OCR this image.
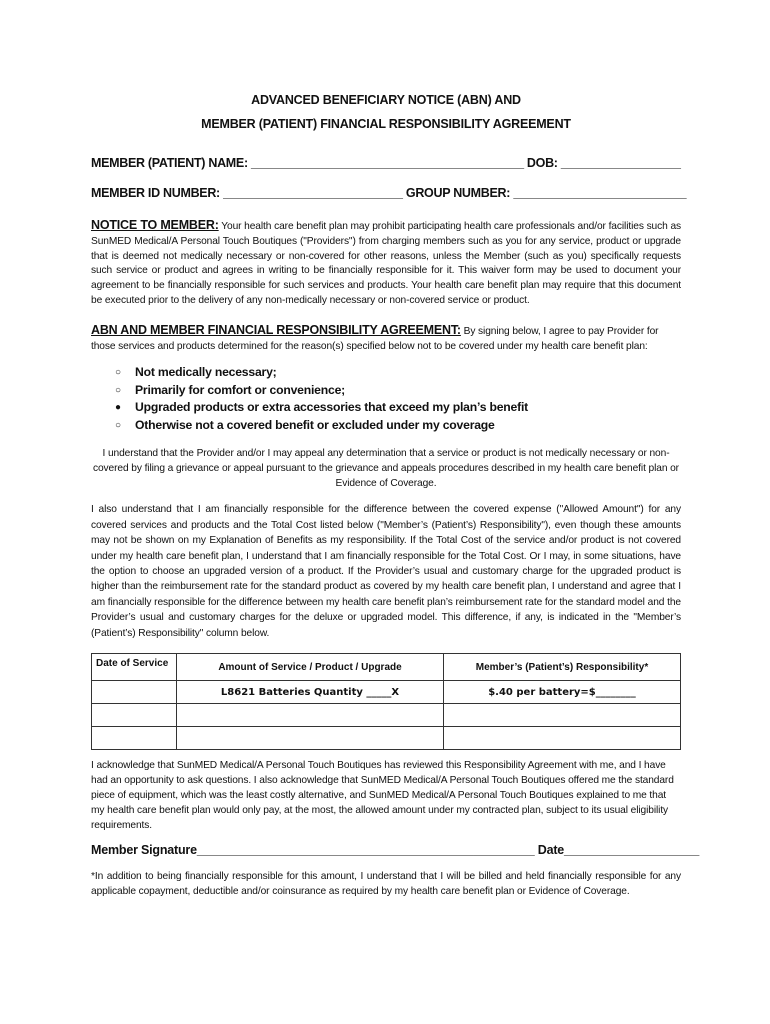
ADVANCED BENEFICIARY NOTICE (ABN) AND
MEMBER (PATIENT) FINANCIAL RESPONSIBILITY AGREEMENT
MEMBER (PATIENT) NAME: _________________________________________ DOB: __________________
MEMBER ID NUMBER: ___________________________ GROUP NUMBER: __________________________
NOTICE TO MEMBER: Your health care benefit plan may prohibit participating health care professionals and/or facilities such as SunMED Medical/A Personal Touch Boutiques ("Providers") from charging members such as you for any service, product or upgrade that is deemed not medically necessary or non-covered for other reasons, unless the Member (such as you) specifically requests such service or product and agrees in writing to be financially responsible for it. This waiver form may be used to document your agreement to be financially responsible for such services and products. Your health care benefit plan may require that this document be executed prior to the delivery of any non-medically necessary or non-covered service or product.
ABN AND MEMBER FINANCIAL RESPONSIBILITY AGREEMENT: By signing below, I agree to pay Provider for those services and products determined for the reason(s) specified below not to be covered under my health care benefit plan:
○	Not medically necessary;
○	Primarily for comfort or convenience;
●	Upgraded products or extra accessories that exceed my plan’s benefit
○	Otherwise not a covered benefit or excluded under my coverage
I understand that the Provider and/or I may appeal any determination that a service or product is not medically necessary or non-covered by filing a grievance or appeal pursuant to the grievance and appeals procedures described in my health care benefit plan or Evidence of Coverage.
I also understand that I am financially responsible for the difference between the covered expense ("Allowed Amount") for any covered services and products and the Total Cost listed below ("Member’s (Patient’s) Responsibility"), even though these amounts may not be shown on my Explanation of Benefits as my responsibility. If the Total Cost of the service and/or product is not covered under my health care benefit plan, I understand that I am financially responsible for the Total Cost. Or I may, in some situations, have the option to choose an upgraded version of a product. If the Provider’s usual and customary charge for the upgraded product is higher than the reimbursement rate for the standard product as covered by my health care benefit plan, I understand and agree that I am financially responsible for the difference between my health care benefit plan’s reimbursement rate for the standard model and the Provider’s usual and customary charges for the deluxe or upgraded model. This difference, if any, is indicated in the "Member’s (Patient’s) Responsibility" column below.
Date of Service	Amount of Service / Product / Upgrade	Member’s (Patient’s) Responsibility*
	L8621 Batteries Quantity _____X	$.40 per battery=$________

I acknowledge that SunMED Medical/A Personal Touch Boutiques has reviewed this Responsibility Agreement with me, and I have had an opportunity to ask questions. I also acknowledge that SunMED Medical/A Personal Touch Boutiques offered me the standard piece of equipment, which was the least costly alternative, and SunMED Medical/A Personal Touch Boutiques explained to me that my health care benefit plan would only pay, at the most, the allowed amount under my contracted plan, subject to its usual eligibility requirements.
Member Signature__________________________________________________ Date____________________
*In addition to being financially responsible for this amount, I understand that I will be billed and held financially responsible for any applicable copayment, deductible and/or coinsurance as required by my health care benefit plan or Evidence of Coverage.
